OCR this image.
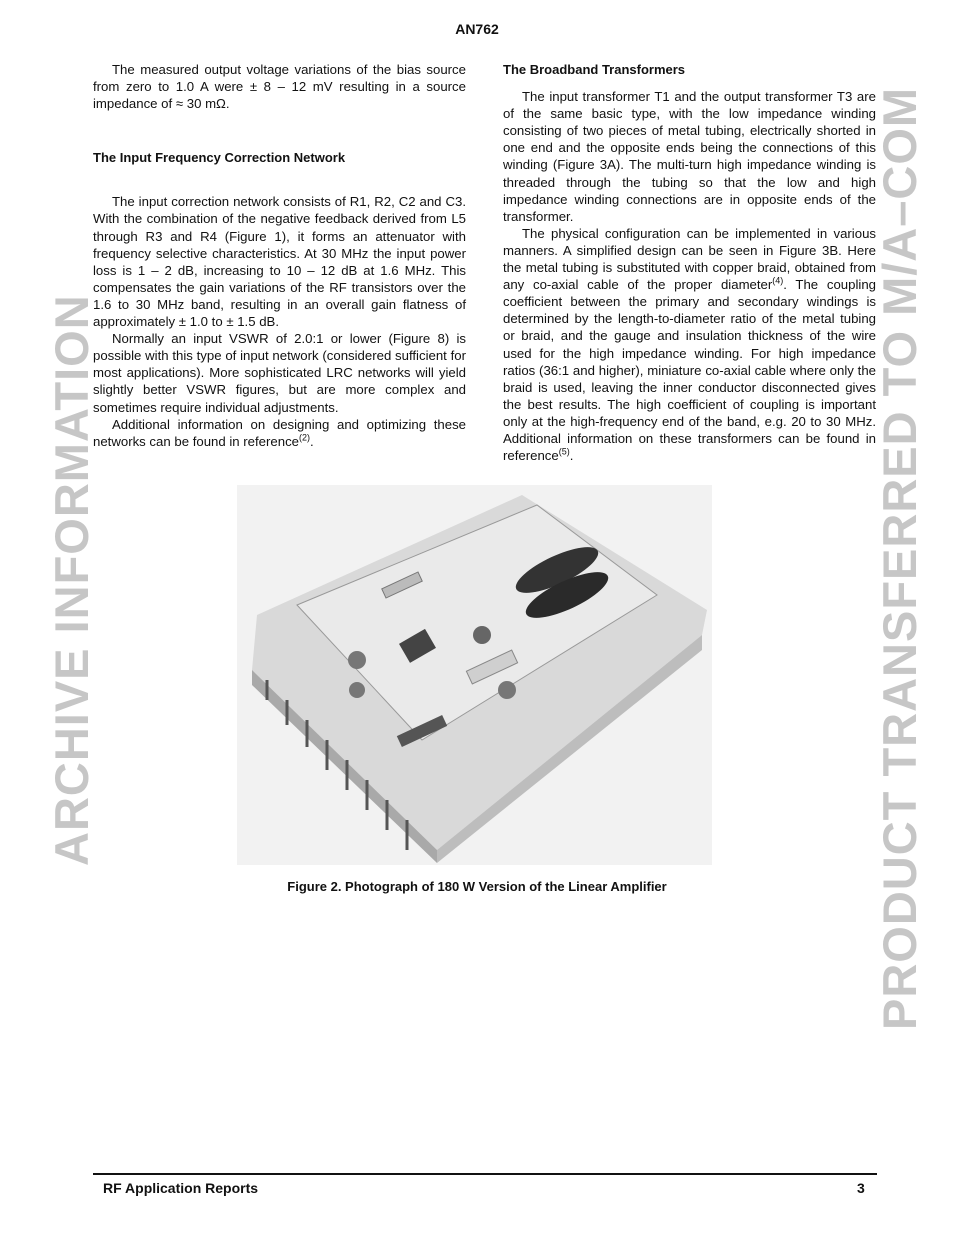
AN762
ARCHIVE INFORMATION	PRODUCT TRANSFERRED TO M/A–COM

The measured output voltage variations of the bias source from zero to 1.0 A were ± 8 – 12 mV resulting in a source impedance of ≈ 30 mΩ.

The Input Frequency Correction Network

The input correction network consists of R1, R2, C2 and C3. With the combination of the negative feedback derived from L5 through R3 and R4 (Figure 1), it forms an attenuator with frequency selective characteristics. At 30 MHz the input power loss is 1 – 2 dB, increasing to 10 – 12 dB at 1.6 MHz. This compensates the gain variations of the RF transistors over the 1.6 to 30 MHz band, resulting in an overall gain flatness of approximately ± 1.0 to ± 1.5 dB.

Normally an input VSWR of 2.0:1 or lower (Figure 8) is possible with this type of input network (considered sufficient for most applications). More sophisticated LRC networks will yield slightly better VSWR figures, but are more complex and sometimes require individual adjustments.

Additional information on designing and optimizing these networks can be found in reference$^{(2)}$.

The Broadband Transformers

The input transformer T1 and the output transformer T3 are of the same basic type, with the low impedance winding consisting of two pieces of metal tubing, electrically shorted in one end and the opposite ends being the connections of this winding (Figure 3A). The multi-turn high impedance winding is threaded through the tubing so that the low and high impedance winding connections are in opposite ends of the transformer.

The physical configuration can be implemented in various manners. A simplified design can be seen in Figure 3B. Here the metal tubing is substituted with copper braid, obtained from any co-axial cable of the proper diameter$^{(4)}$. The coupling coefficient between the primary and secondary windings is determined by the length-to-diameter ratio of the metal tubing or braid, and the gauge and insulation thickness of the wire used for the high impedance winding. For high impedance ratios (36:1 and higher), miniature co-axial cable where only the braid is used, leaving the inner conductor disconnected gives the best results. The high coefficient of coupling is important only at the high-frequency end of the band, e.g. 20 to 30 MHz. Additional information on these transformers can be found in reference$^{(5)}$.

Figure 2. Photograph of 180 W Version of the Linear Amplifier
RF Application Reports	3
